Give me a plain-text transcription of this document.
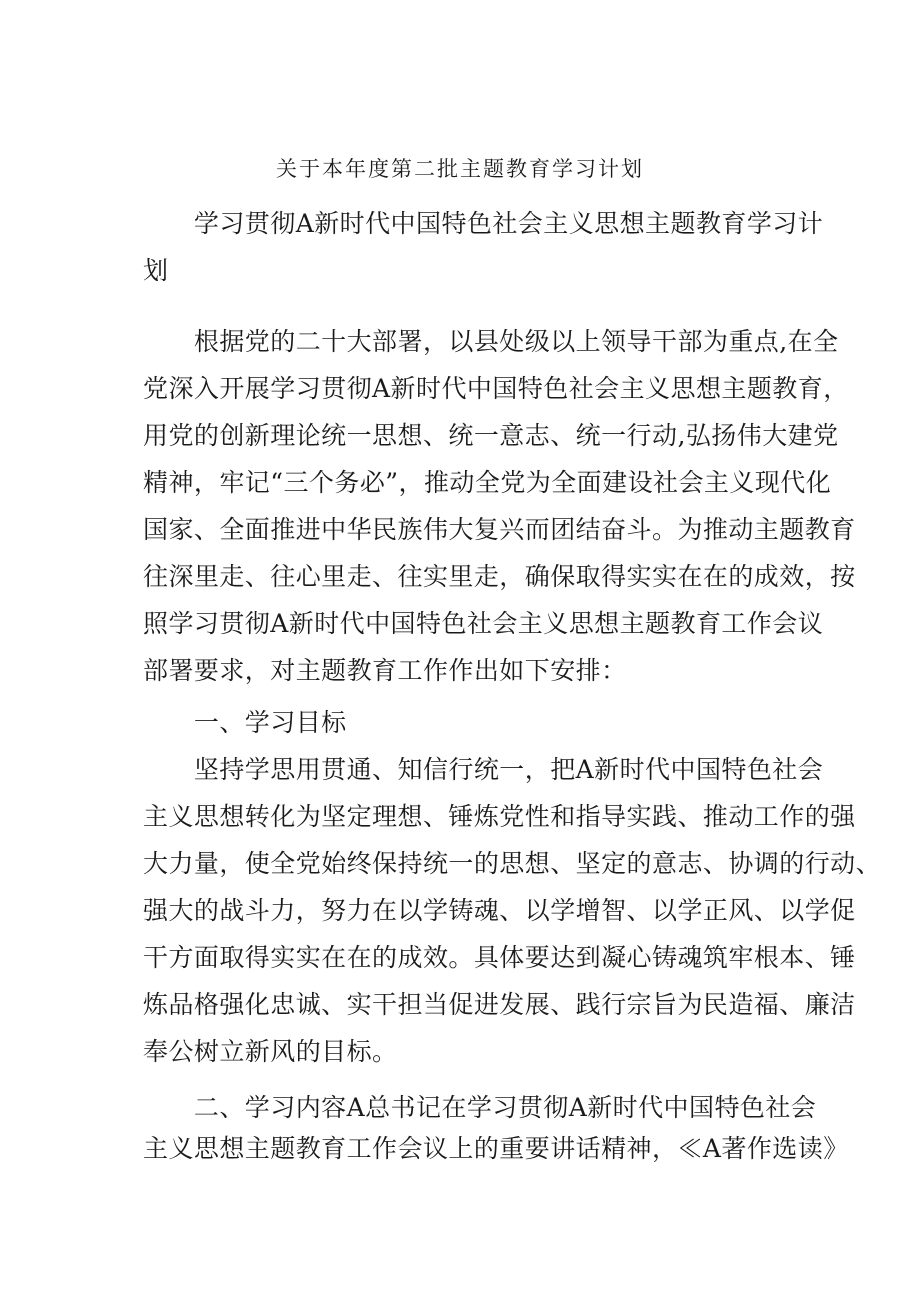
关于本年度第二批主题教育学习计划
　　学习贯彻A新时代中国特色社会主义思想主题教育学习计
划
　　根据党的二十大部署，以县处级以上领导干部为重点,在全
党深入开展学习贯彻A新时代中国特色社会主义思想主题教育，
用党的创新理论统一思想、统一意志、统一行动,弘扬伟大建党
精神，牢记“三个务必”，推动全党为全面建设社会主义现代化
国家、全面推进中华民族伟大复兴而团结奋斗。为推动主题教育
往深里走、往心里走、往实里走，确保取得实实在在的成效，按
照学习贯彻A新时代中国特色社会主义思想主题教育工作会议
部署要求，对主题教育工作作出如下安排：
　　一、学习目标
　　坚持学思用贯通、知信行统一，把A新时代中国特色社会
主义思想转化为坚定理想、锤炼党性和指导实践、推动工作的强
大力量，使全党始终保持统一的思想、坚定的意志、协调的行动、
强大的战斗力，努力在以学铸魂、以学增智、以学正风、以学促
干方面取得实实在在的成效。具体要达到凝心铸魂筑牢根本、锤
炼品格强化忠诚、实干担当促进发展、践行宗旨为民造福、廉洁
奉公树立新风的目标。
　　二、学习内容A总书记在学习贯彻A新时代中国特色社会
主义思想主题教育工作会议上的重要讲话精神，≪A著作选读》
